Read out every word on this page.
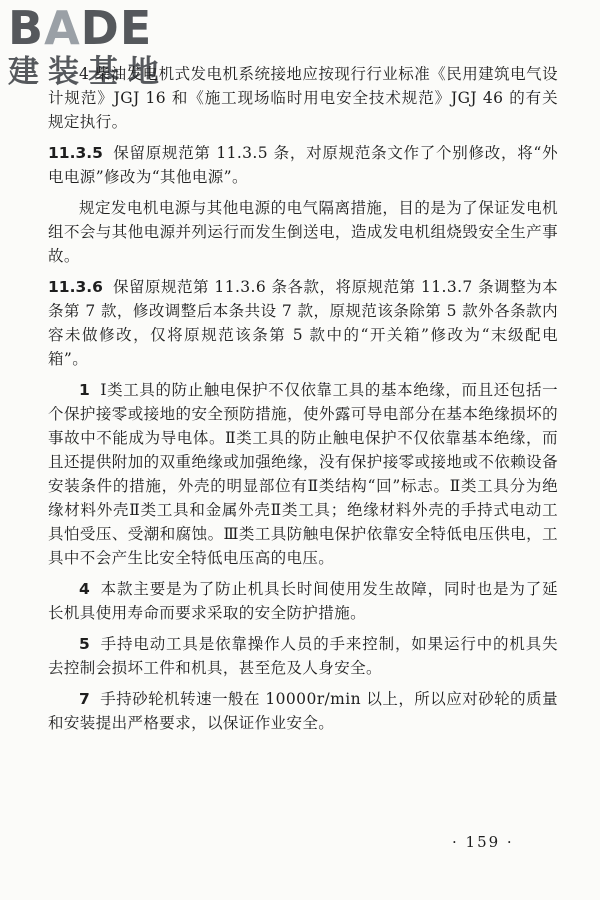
BADE
建装基地

4 柴油发电机式发电机系统接地应按现行行业标准《民用建筑电气设计规范》JGJ 16 和《施工现场临时用电安全技术规范》JGJ 46 的有关规定执行。

11.3.5 保留原规范第 11.3.5 条，对原规范条文作了个别修改，将“外电电源”修改为“其他电源”。

规定发电机电源与其他电源的电气隔离措施，目的是为了保证发电机组不会与其他电源并列运行而发生倒送电，造成发电机组烧毁安全生产事故。

11.3.6 保留原规范第 11.3.6 条各款，将原规范第 11.3.7 条调整为本条第 7 款，修改调整后本条共设 7 款，原规范该条除第 5 款外各条款内容未做修改，仅将原规范该条第 5 款中的“开关箱”修改为“末级配电箱”。

1 Ⅰ类工具的防止触电保护不仅依靠工具的基本绝缘，而且还包括一个保护接零或接地的安全预防措施，使外露可导电部分在基本绝缘损坏的事故中不能成为导电体。Ⅱ类工具的防止触电保护不仅依靠基本绝缘，而且还提供附加的双重绝缘或加强绝缘，没有保护接零或接地或不依赖设备安装条件的措施，外壳的明显部位有Ⅱ类结构“回”标志。Ⅱ类工具分为绝缘材料外壳Ⅱ类工具和金属外壳Ⅱ类工具；绝缘材料外壳的手持式电动工具怕受压、受潮和腐蚀。Ⅲ类工具防触电保护依靠安全特低电压供电，工具中不会产生比安全特低电压高的电压。

4 本款主要是为了防止机具长时间使用发生故障，同时也是为了延长机具使用寿命而要求采取的安全防护措施。

5 手持电动工具是依靠操作人员的手来控制，如果运行中的机具失去控制会损坏工件和机具，甚至危及人身安全。

7 手持砂轮机转速一般在 10000r/min 以上，所以应对砂轮的质量和安装提出严格要求，以保证作业安全。

· 159 ·
